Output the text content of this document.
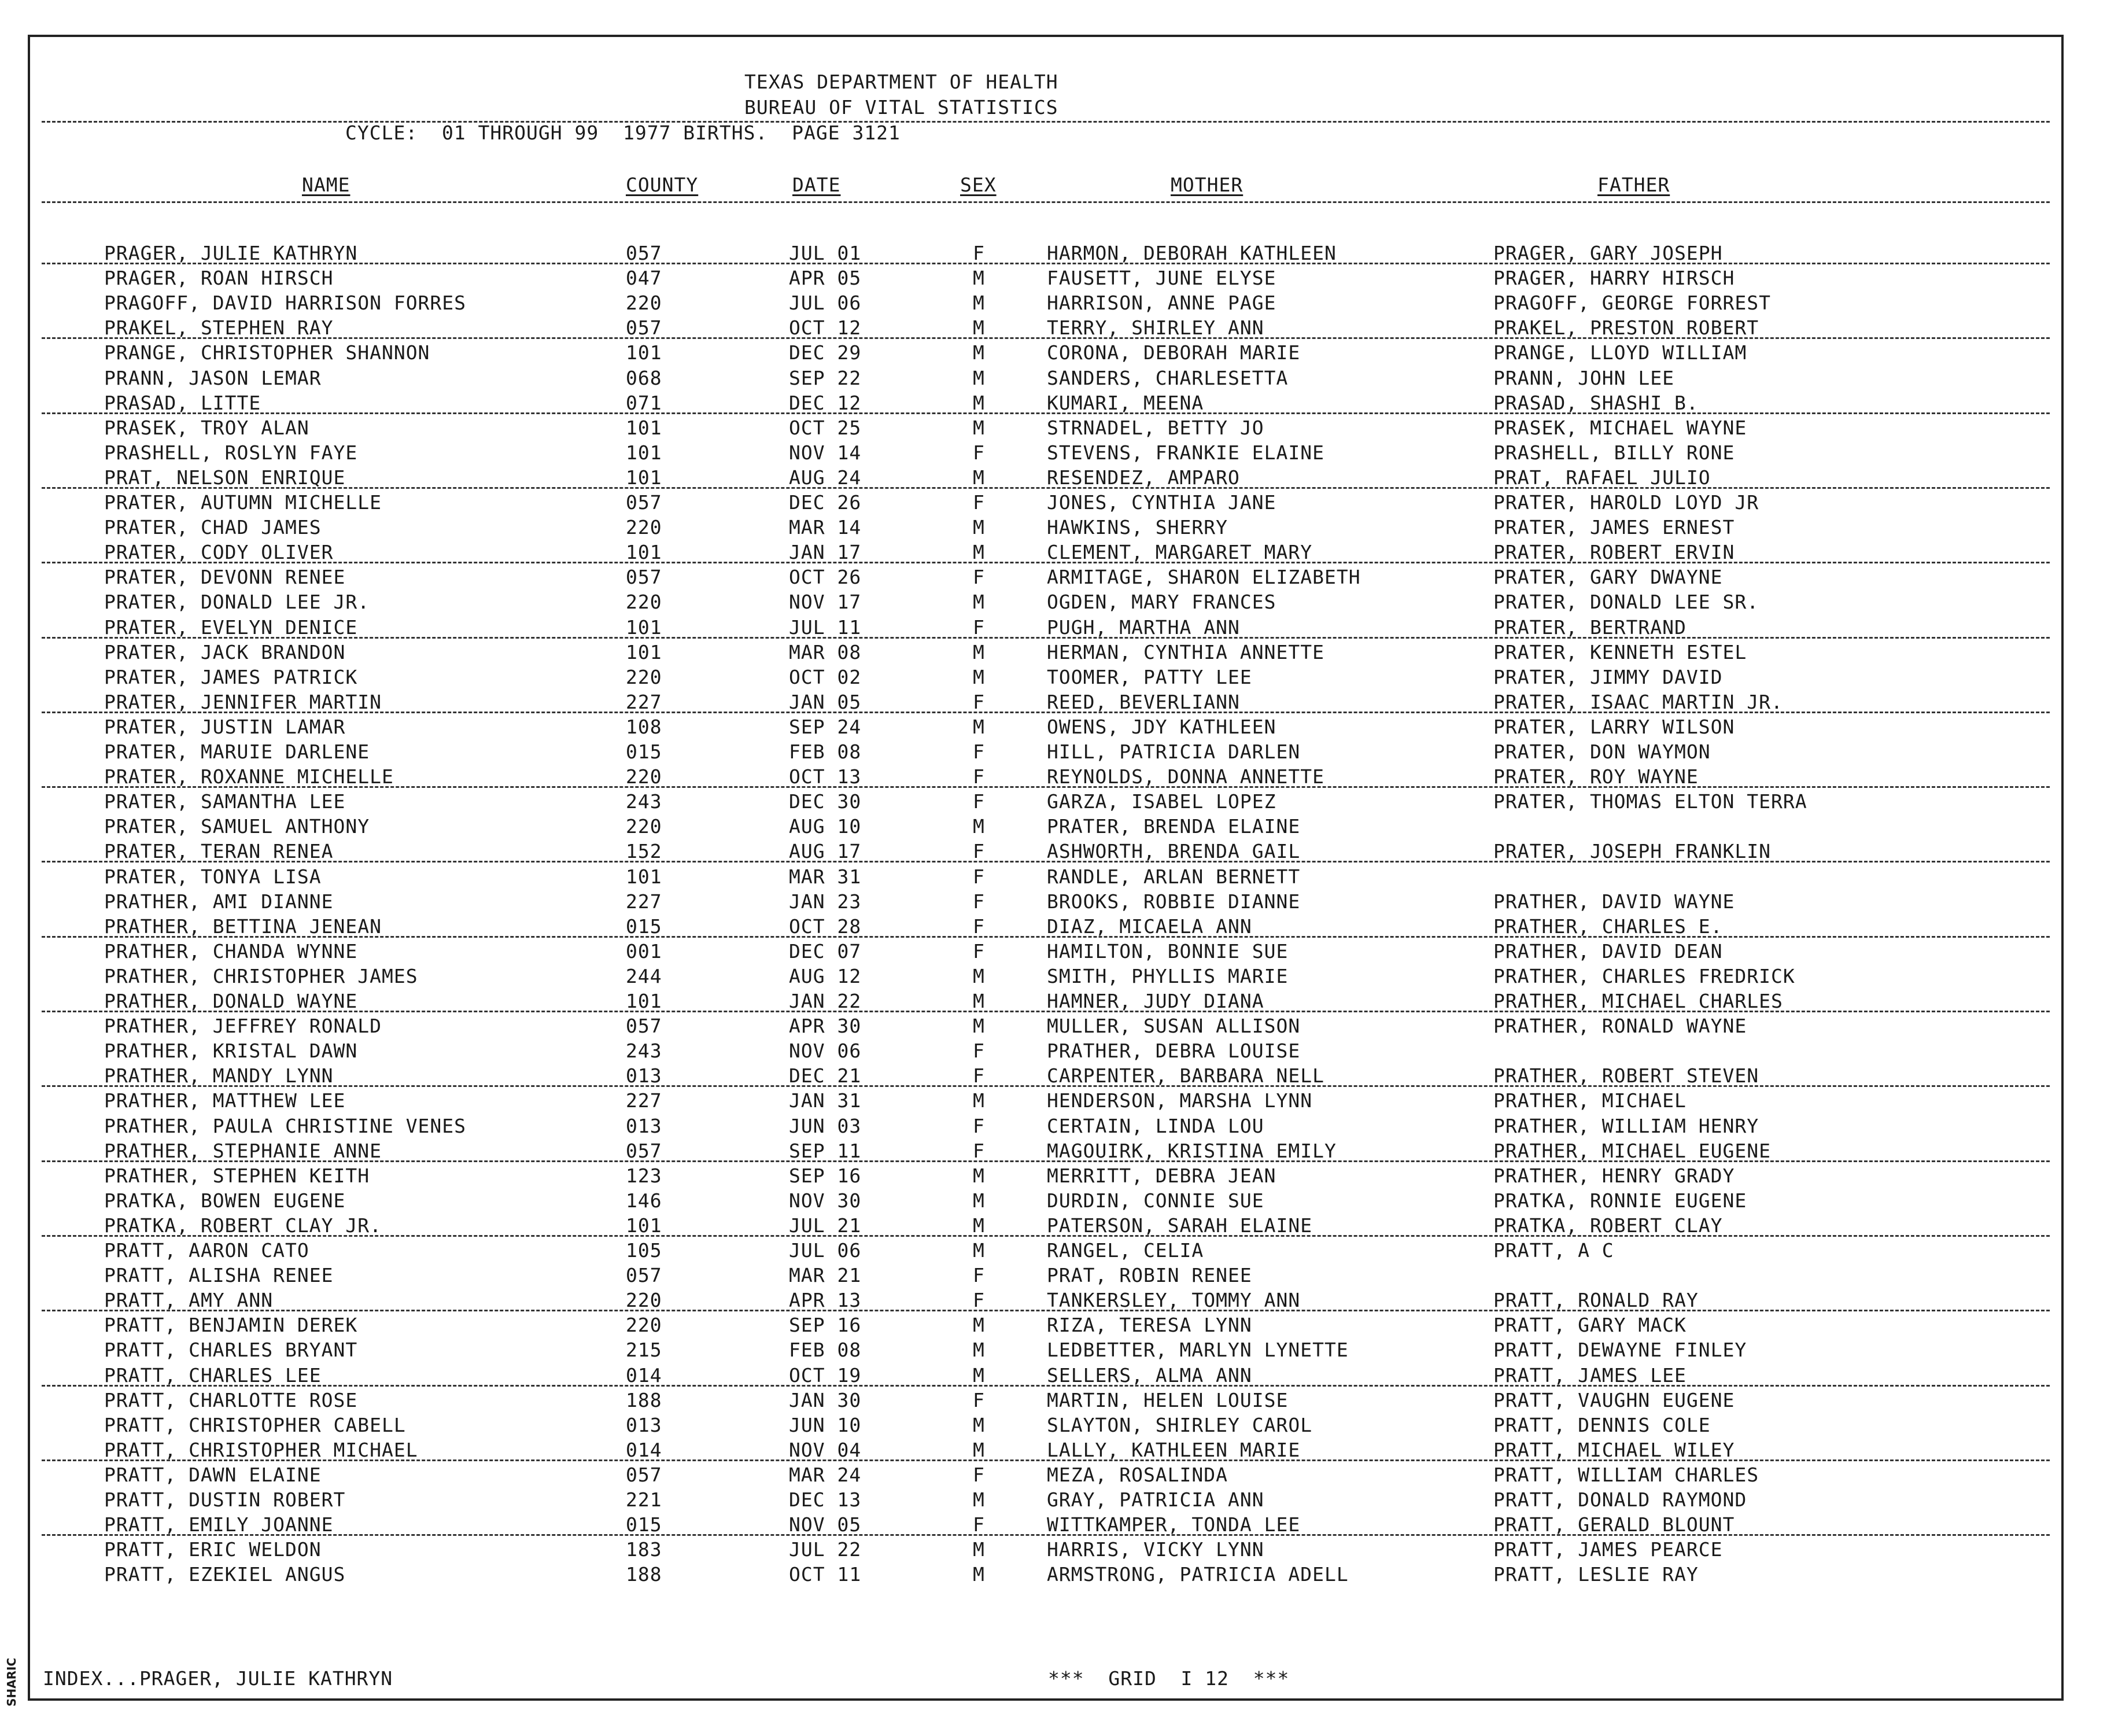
TEXAS DEPARTMENT OF HEALTH
BUREAU OF VITAL STATISTICS
CYCLE:  01 THROUGH 99  1977 BIRTHS.  PAGE 3121
NAME	COUNTY	DATE	SEX	MOTHER	FATHER
PRAGER, JULIE KATHRYN	057	JUL 01	F	HARMON, DEBORAH KATHLEEN	PRAGER, GARY JOSEPH
PRAGER, ROAN HIRSCH	047	APR 05	M	FAUSETT, JUNE ELYSE	PRAGER, HARRY HIRSCH
PRAGOFF, DAVID HARRISON FORRES	220	JUL 06	M	HARRISON, ANNE PAGE	PRAGOFF, GEORGE FORREST
PRAKEL, STEPHEN RAY	057	OCT 12	M	TERRY, SHIRLEY ANN	PRAKEL, PRESTON ROBERT
PRANGE, CHRISTOPHER SHANNON	101	DEC 29	M	CORONA, DEBORAH MARIE	PRANGE, LLOYD WILLIAM
PRANN, JASON LEMAR	068	SEP 22	M	SANDERS, CHARLESETTA	PRANN, JOHN LEE
PRASAD, LITTE	071	DEC 12	M	KUMARI, MEENA	PRASAD, SHASHI B.
PRASEK, TROY ALAN	101	OCT 25	M	STRNADEL, BETTY JO	PRASEK, MICHAEL WAYNE
PRASHELL, ROSLYN FAYE	101	NOV 14	F	STEVENS, FRANKIE ELAINE	PRASHELL, BILLY RONE
PRAT, NELSON ENRIQUE	101	AUG 24	M	RESENDEZ, AMPARO	PRAT, RAFAEL JULIO
PRATER, AUTUMN MICHELLE	057	DEC 26	F	JONES, CYNTHIA JANE	PRATER, HAROLD LOYD JR
PRATER, CHAD JAMES	220	MAR 14	M	HAWKINS, SHERRY	PRATER, JAMES ERNEST
PRATER, CODY OLIVER	101	JAN 17	M	CLEMENT, MARGARET MARY	PRATER, ROBERT ERVIN
PRATER, DEVONN RENEE	057	OCT 26	F	ARMITAGE, SHARON ELIZABETH	PRATER, GARY DWAYNE
PRATER, DONALD LEE JR.	220	NOV 17	M	OGDEN, MARY FRANCES	PRATER, DONALD LEE SR.
PRATER, EVELYN DENICE	101	JUL 11	F	PUGH, MARTHA ANN	PRATER, BERTRAND
PRATER, JACK BRANDON	101	MAR 08	M	HERMAN, CYNTHIA ANNETTE	PRATER, KENNETH ESTEL
PRATER, JAMES PATRICK	220	OCT 02	M	TOOMER, PATTY LEE	PRATER, JIMMY DAVID
PRATER, JENNIFER MARTIN	227	JAN 05	F	REED, BEVERLIANN	PRATER, ISAAC MARTIN JR.
PRATER, JUSTIN LAMAR	108	SEP 24	M	OWENS, JDY KATHLEEN	PRATER, LARRY WILSON
PRATER, MARUIE DARLENE	015	FEB 08	F	HILL, PATRICIA DARLEN	PRATER, DON WAYMON
PRATER, ROXANNE MICHELLE	220	OCT 13	F	REYNOLDS, DONNA ANNETTE	PRATER, ROY WAYNE
PRATER, SAMANTHA LEE	243	DEC 30	F	GARZA, ISABEL LOPEZ	PRATER, THOMAS ELTON TERRA
PRATER, SAMUEL ANTHONY	220	AUG 10	M	PRATER, BRENDA ELAINE
PRATER, TERAN RENEA	152	AUG 17	F	ASHWORTH, BRENDA GAIL	PRATER, JOSEPH FRANKLIN
PRATER, TONYA LISA	101	MAR 31	F	RANDLE, ARLAN BERNETT
PRATHER, AMI DIANNE	227	JAN 23	F	BROOKS, ROBBIE DIANNE	PRATHER, DAVID WAYNE
PRATHER, BETTINA JENEAN	015	OCT 28	F	DIAZ, MICAELA ANN	PRATHER, CHARLES E.
PRATHER, CHANDA WYNNE	001	DEC 07	F	HAMILTON, BONNIE SUE	PRATHER, DAVID DEAN
PRATHER, CHRISTOPHER JAMES	244	AUG 12	M	SMITH, PHYLLIS MARIE	PRATHER, CHARLES FREDRICK
PRATHER, DONALD WAYNE	101	JAN 22	M	HAMNER, JUDY DIANA	PRATHER, MICHAEL CHARLES
PRATHER, JEFFREY RONALD	057	APR 30	M	MULLER, SUSAN ALLISON	PRATHER, RONALD WAYNE
PRATHER, KRISTAL DAWN	243	NOV 06	F	PRATHER, DEBRA LOUISE
PRATHER, MANDY LYNN	013	DEC 21	F	CARPENTER, BARBARA NELL	PRATHER, ROBERT STEVEN
PRATHER, MATTHEW LEE	227	JAN 31	M	HENDERSON, MARSHA LYNN	PRATHER, MICHAEL
PRATHER, PAULA CHRISTINE VENES	013	JUN 03	F	CERTAIN, LINDA LOU	PRATHER, WILLIAM HENRY
PRATHER, STEPHANIE ANNE	057	SEP 11	F	MAGOUIRK, KRISTINA EMILY	PRATHER, MICHAEL EUGENE
PRATHER, STEPHEN KEITH	123	SEP 16	M	MERRITT, DEBRA JEAN	PRATHER, HENRY GRADY
PRATKA, BOWEN EUGENE	146	NOV 30	M	DURDIN, CONNIE SUE	PRATKA, RONNIE EUGENE
PRATKA, ROBERT CLAY JR.	101	JUL 21	M	PATERSON, SARAH ELAINE	PRATKA, ROBERT CLAY
PRATT, AARON CATO	105	JUL 06	M	RANGEL, CELIA	PRATT, A C
PRATT, ALISHA RENEE	057	MAR 21	F	PRAT, ROBIN RENEE
PRATT, AMY ANN	220	APR 13	F	TANKERSLEY, TOMMY ANN	PRATT, RONALD RAY
PRATT, BENJAMIN DEREK	220	SEP 16	M	RIZA, TERESA LYNN	PRATT, GARY MACK
PRATT, CHARLES BRYANT	215	FEB 08	M	LEDBETTER, MARLYN LYNETTE	PRATT, DEWAYNE FINLEY
PRATT, CHARLES LEE	014	OCT 19	M	SELLERS, ALMA ANN	PRATT, JAMES LEE
PRATT, CHARLOTTE ROSE	188	JAN 30	F	MARTIN, HELEN LOUISE	PRATT, VAUGHN EUGENE
PRATT, CHRISTOPHER CABELL	013	JUN 10	M	SLAYTON, SHIRLEY CAROL	PRATT, DENNIS COLE
PRATT, CHRISTOPHER MICHAEL	014	NOV 04	M	LALLY, KATHLEEN MARIE	PRATT, MICHAEL WILEY
PRATT, DAWN ELAINE	057	MAR 24	F	MEZA, ROSALINDA	PRATT, WILLIAM CHARLES
PRATT, DUSTIN ROBERT	221	DEC 13	M	GRAY, PATRICIA ANN	PRATT, DONALD RAYMOND
PRATT, EMILY JOANNE	015	NOV 05	F	WITTKAMPER, TONDA LEE	PRATT, GERALD BLOUNT
PRATT, ERIC WELDON	183	JUL 22	M	HARRIS, VICKY LYNN	PRATT, JAMES PEARCE
PRATT, EZEKIEL ANGUS	188	OCT 11	M	ARMSTRONG, PATRICIA ADELL	PRATT, LESLIE RAY
INDEX...PRAGER, JULIE KATHRYN	***  GRID  I 12  ***
SHARIC
